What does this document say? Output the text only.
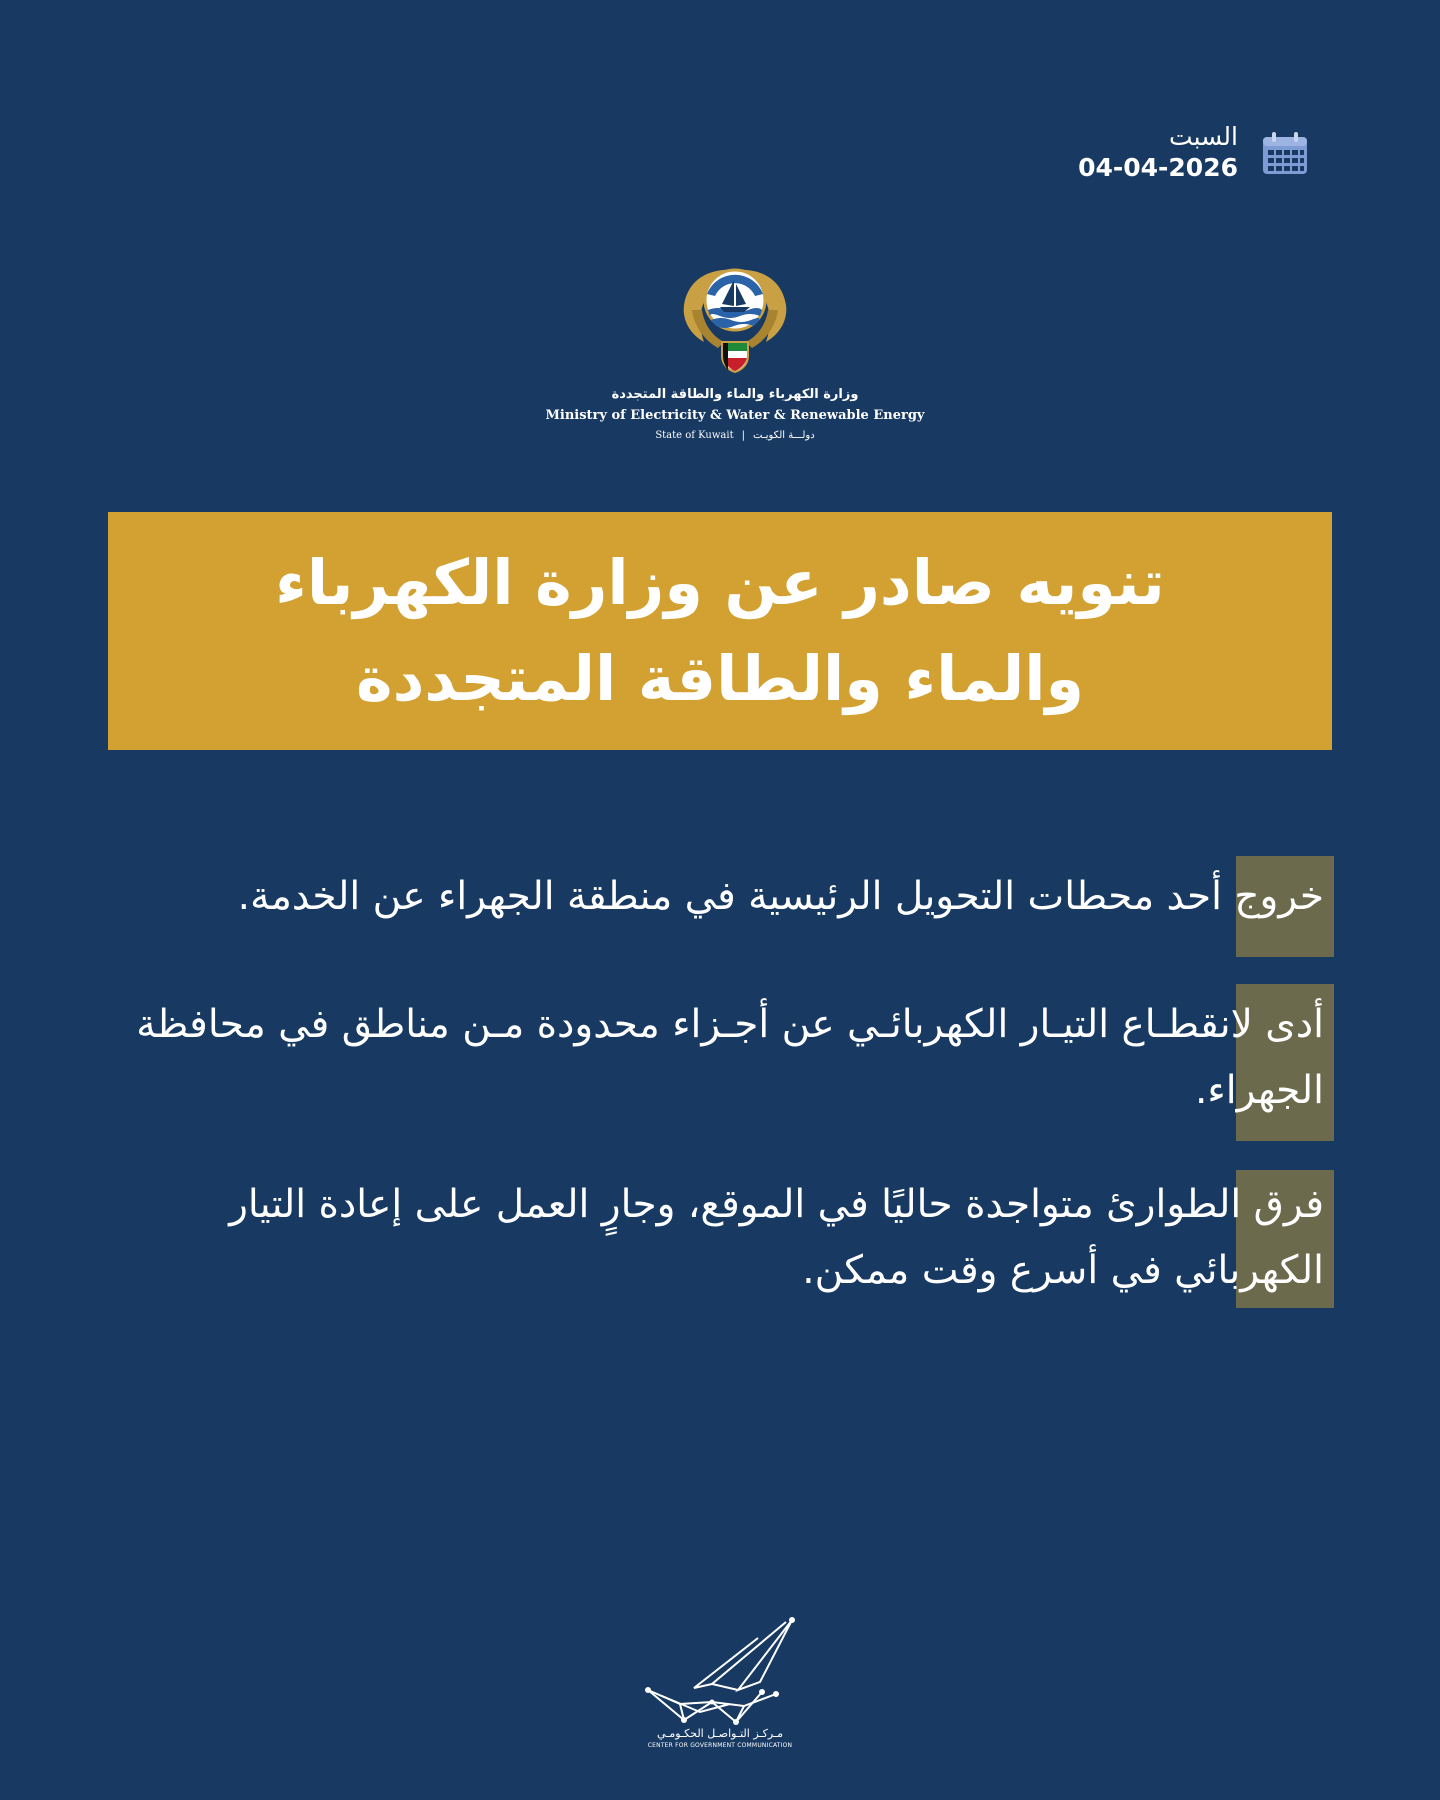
السبت
04-04-2026
وزارة الكهرباء والماء والطاقة المتجددة
Ministry of Electricity & Water & Renewable Energy
State of Kuwait | دولـــة الكويـت
تنويه صادر عن وزارة الكهرباء
والماء والطاقة المتجددة
خروج أحد محطات التحويل الرئيسية في منطقة الجهراء عن الخدمة.
أدى لانقطـاع التيـار الكهربائـي عن أجـزاء محدودة مـن مناطق في محافظة الجهراء.
فرق الطوارئ متواجدة حاليًا في الموقع، وجارٍ العمل على إعادة التيار الكهربائي في أسرع وقت ممكن.
مـركـز التـواصـل الحكـومـي
CENTER FOR GOVERNMENT COMMUNICATION
